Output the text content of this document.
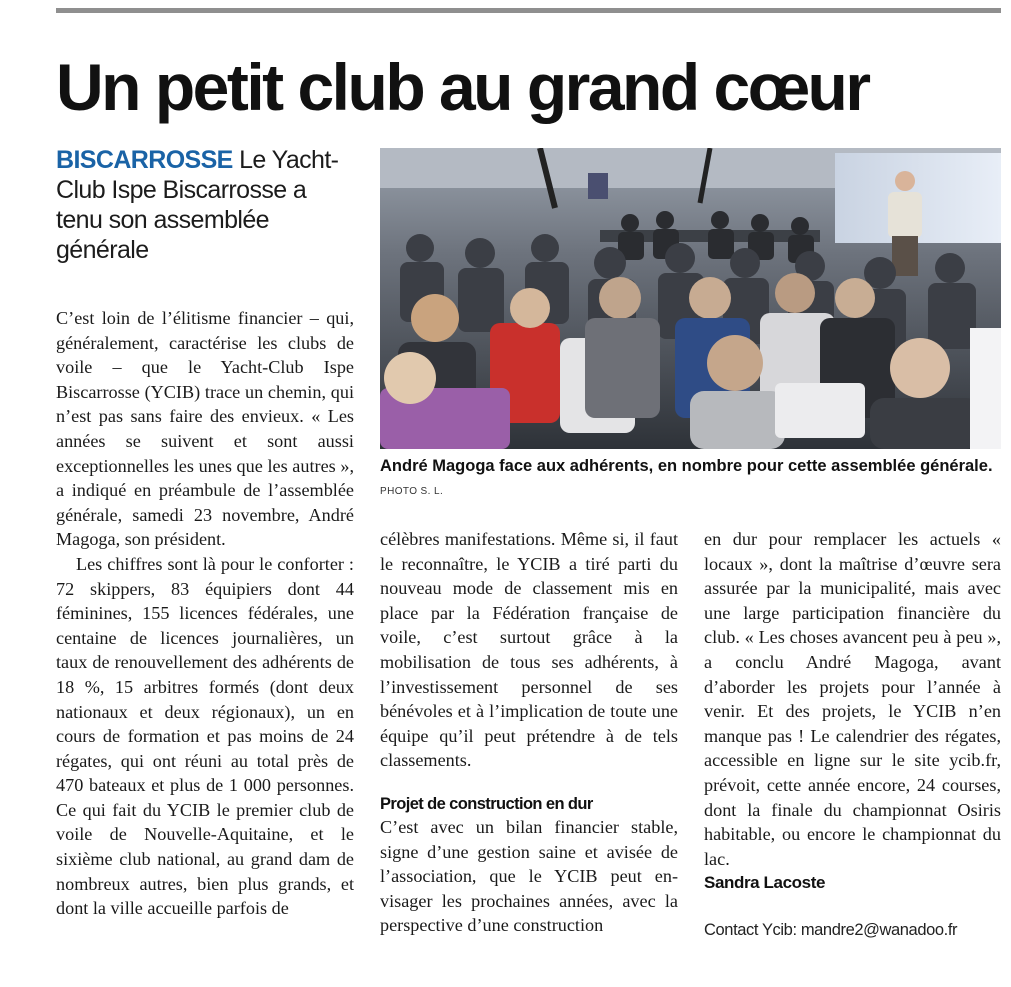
Un petit club au grand cœur
BISCARROSSE Le Yacht-Club Ispe Biscarrosse a tenu son assemblée générale
André Magoga face aux adhérents, en nombre pour cette assemblée générale. PHOTO S. L.

C’est loin de l’élitisme financier – qui, généralement, caractérise les clubs de voile – que le Yacht-Club Ispe Biscarrosse (YCIB) trace un chemin, qui n’est pas sans faire des envieux. « Les années se suivent et sont aussi exceptionnelles les unes que les autres », a indiqué en préambule de l’assemblée générale, samedi 23 novembre, André Magoga, son président.

Les chiffres sont là pour le conforter : 72 skippers, 83 équipiers dont 44 féminines, 155 licences fédérales, une centaine de licences journalières, un taux de renouvellement des adhérents de 18 %, 15 arbitres formés (dont deux nationaux et deux régionaux), un en cours de formation et pas moins de 24 régates, qui ont réuni au total près de 470 bateaux et plus de 1 000 personnes. Ce qui fait du YCIB le premier club de voile de Nouvelle-Aquitaine, et le sixième club national, au grand dam de nombreux autres, bien plus grands, et dont la ville accueille parfois de

célèbres manifestations. Même si, il faut le reconnaître, le YCIB a tiré parti du nouveau mode de classement mis en place par la Fédération française de voile, c’est surtout grâce à la mobilisation de tous ses adhérents, à l’investissement personnel de ses bénévoles et à l’implication de toute une équipe qu’il peut prétendre à de tels classements.

Projet de construction en dur

C’est avec un bilan financier stable, signe d’une gestion saine et avisée de l’association, que le YCIB peut envisager les prochaines années, avec la perspective d’une construction

en dur pour remplacer les actuels « locaux », dont la maîtrise d’œuvre sera assurée par la municipalité, mais avec une large participation financière du club. « Les choses avancent peu à peu », a conclu André Magoga, avant d’aborder les projets pour l’année à venir. Et des projets, le YCIB n’en manque pas ! Le calendrier des régates, accessible en ligne sur le site ycib.fr, prévoit, cette année encore, 24 courses, dont la finale du championnat Osiris habitable, ou encore le championnat du lac.

Sandra Lacoste

Contact Ycib: mandre2@wanadoo.fr
